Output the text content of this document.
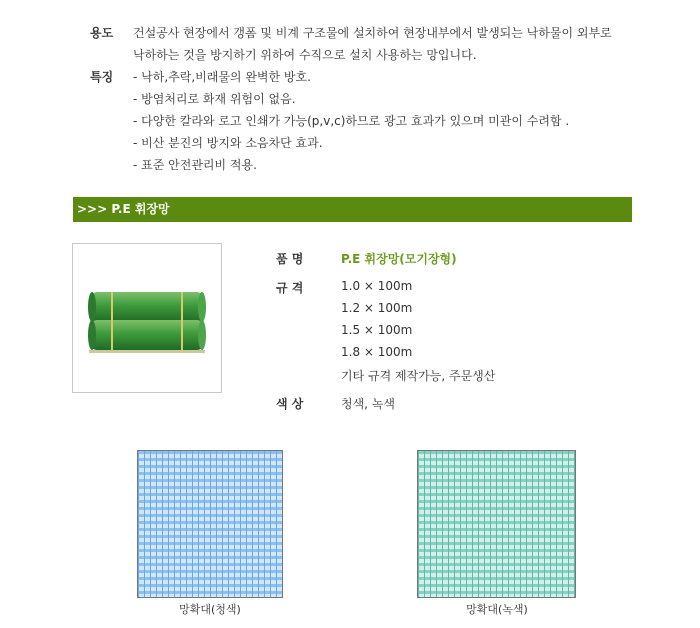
용도 건설공사 현장에서 갱폼 및 비계 구조물에 설치하여 현장내부에서 발생되는 낙하물이 외부로
낙하하는 것을 방지하기 위하여 수직으로 설치 사용하는 망입니다.
특징 - 낙하,추락,비래물의 완벽한 방호.
- 방염처리로 화재 위험이 없음.
- 다양한 칼라와 로고 인쇄가 가능(p,v,c)하므로 광고 효과가 있으며 미관이 수려함 .
- 비산 분진의 방지와 소음차단 효과.
- 표준 안전관리비 적용.
>>> P.E 휘장망
품 명	P.E 휘장망(모기장형)
규 격	1.0 × 100m
1.2 × 100m
1.5 × 100m
1.8 × 100m
기타 규격 제작가능, 주문생산
색 상	청색, 녹색
망확대(청색)	망확대(녹색)
